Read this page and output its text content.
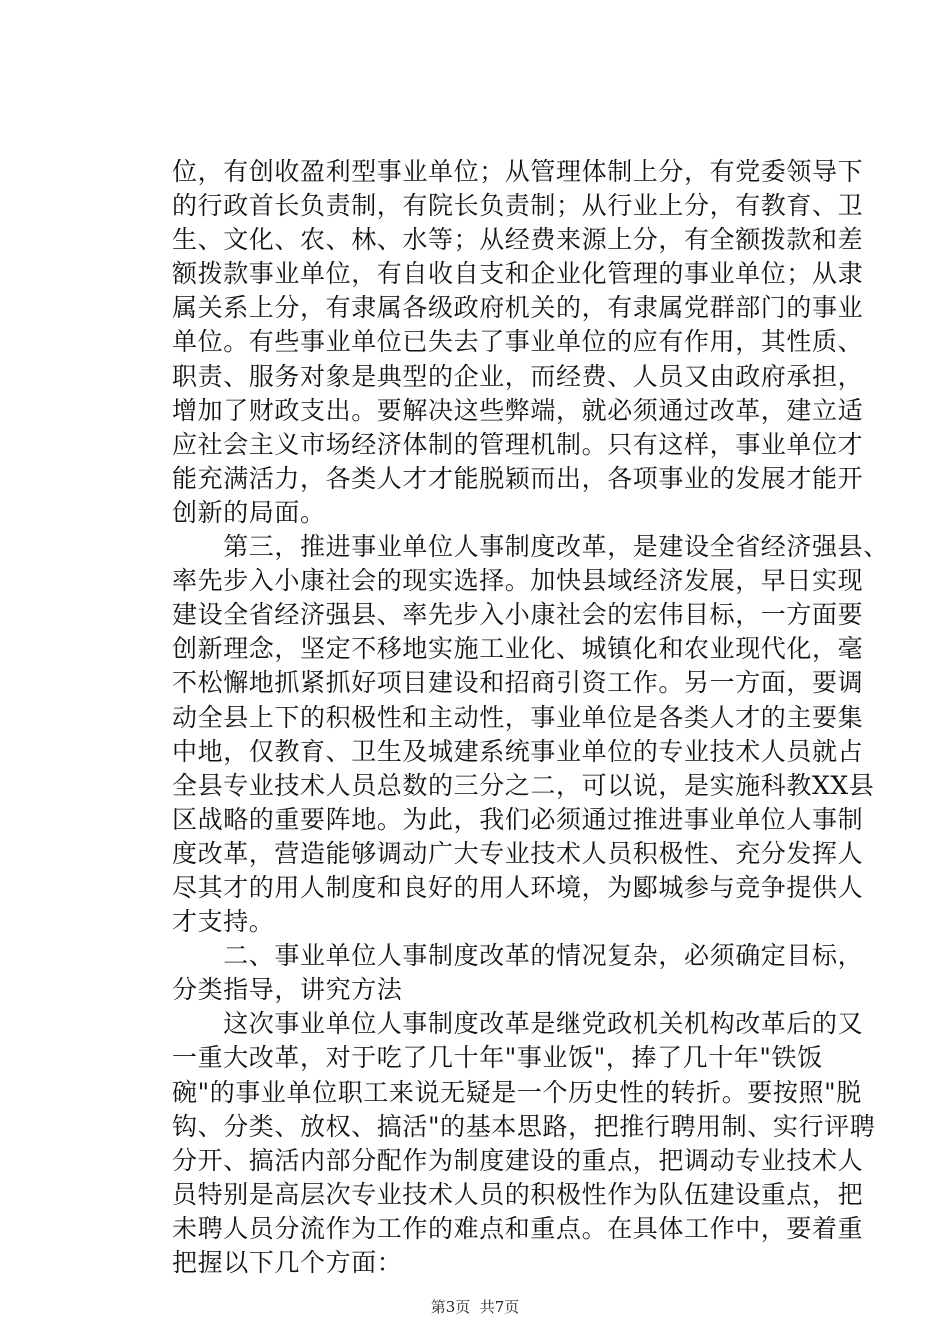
位，有创收盈利型事业单位；从管理体制上分，有党委领导下
的行政首长负责制，有院长负责制；从行业上分，有教育、卫
生、文化、农、林、水等；从经费来源上分，有全额拨款和差
额拨款事业单位，有自收自支和企业化管理的事业单位；从隶
属关系上分，有隶属各级政府机关的，有隶属党群部门的事业
单位。有些事业单位已失去了事业单位的应有作用，其性质、
职责、服务对象是典型的企业，而经费、人员又由政府承担，
增加了财政支出。要解决这些弊端，就必须通过改革，建立适
应社会主义市场经济体制的管理机制。只有这样，事业单位才
能充满活力，各类人才才能脱颖而出，各项事业的发展才能开
创新的局面。
　　第三，推进事业单位人事制度改革，是建设全省经济强县、
率先步入小康社会的现实选择。加快县域经济发展，早日实现
建设全省经济强县、率先步入小康社会的宏伟目标，一方面要
创新理念，坚定不移地实施工业化、城镇化和农业现代化，毫
不松懈地抓紧抓好项目建设和招商引资工作。另一方面，要调
动全县上下的积极性和主动性，事业单位是各类人才的主要集
中地，仅教育、卫生及城建系统事业单位的专业技术人员就占
全县专业技术人员总数的三分之二，可以说，是实施科教XX县
区战略的重要阵地。为此，我们必须通过推进事业单位人事制
度改革，营造能够调动广大专业技术人员积极性、充分发挥人
尽其才的用人制度和良好的用人环境，为郾城参与竞争提供人
才支持。
　　二、事业单位人事制度改革的情况复杂，必须确定目标，
分类指导，讲究方法
　　这次事业单位人事制度改革是继党政机关机构改革后的又
一重大改革，对于吃了几十年"事业饭"，捧了几十年"铁饭
碗"的事业单位职工来说无疑是一个历史性的转折。要按照"脱
钩、分类、放权、搞活"的基本思路，把推行聘用制、实行评聘
分开、搞活内部分配作为制度建设的重点，把调动专业技术人
员特别是高层次专业技术人员的积极性作为队伍建设重点，把
未聘人员分流作为工作的难点和重点。在具体工作中，要着重
把握以下几个方面：
第3页  共7页
